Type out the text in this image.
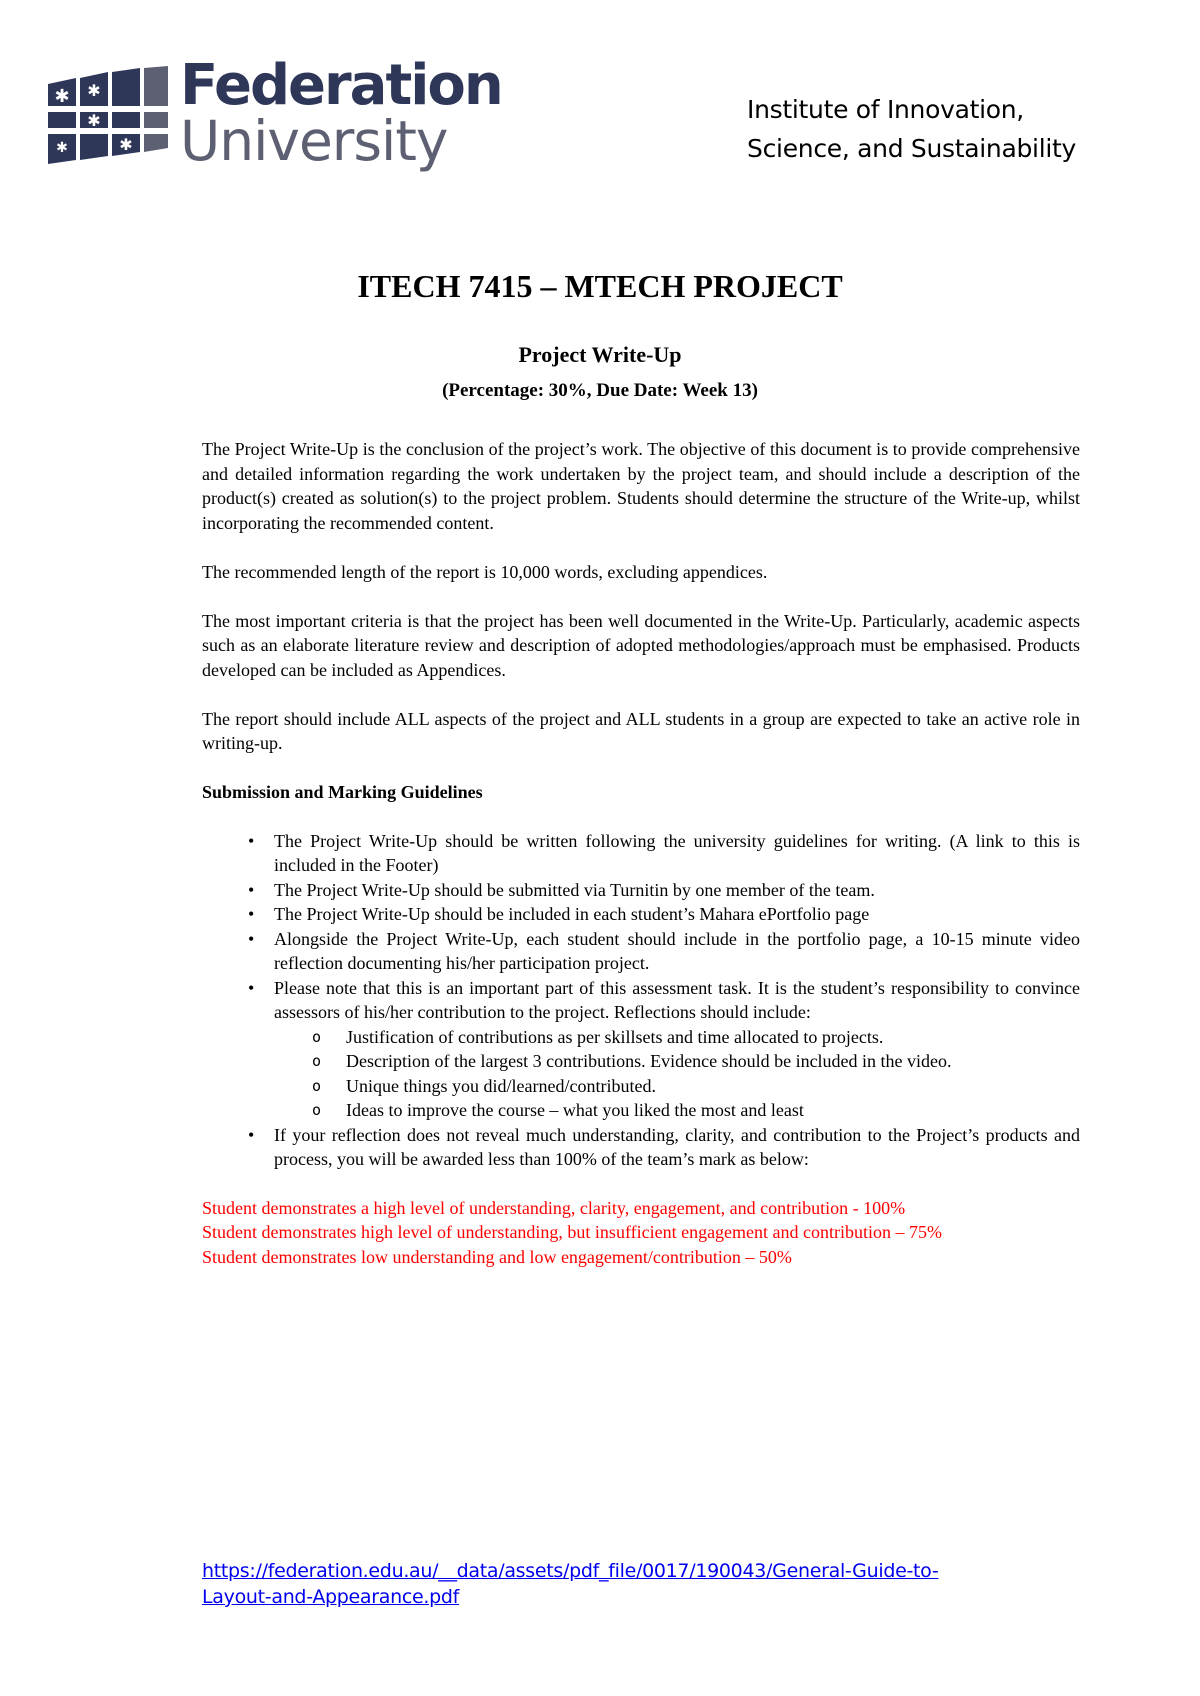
✱ ✱
✱
✱
✱
Federation
University	Institute of Innovation,
Science, and Sustainability
ITECH 7415 – MTECH PROJECT
Project Write-Up
(Percentage: 30%, Due Date: Week 13)

The Project Write-Up is the conclusion of the project’s work. The objective of this document is to provide comprehensive and detailed information regarding the work undertaken by the project team, and should include a description of the product(s) created as solution(s) to the project problem. Students should determine the structure of the Write-up, whilst incorporating the recommended content.

The recommended length of the report is 10,000 words, excluding appendices.

The most important criteria is that the project has been well documented in the Write-Up. Particularly, academic aspects such as an elaborate literature review and description of adopted methodologies/approach must be emphasised. Products developed can be included as Appendices.

The report should include ALL aspects of the project and ALL students in a group are expected to take an active role in writing-up.

Submission and Marking Guidelines
• The Project Write-Up should be written following the university guidelines for writing. (A link to this is included in the Footer)
• The Project Write-Up should be submitted via Turnitin by one member of the team.
• The Project Write-Up should be included in each student’s Mahara ePortfolio page
• Alongside the Project Write-Up, each student should include in the portfolio page, a 10-15 minute video reflection documenting his/her participation project.
• Please note that this is an important part of this assessment task. It is the student’s responsibility to convince assessors of his/her contribution to the project. Reflections should include:
o Justification of contributions as per skillsets and time allocated to projects.
o Description of the largest 3 contributions. Evidence should be included in the video.
o Unique things you did/learned/contributed.
o Ideas to improve the course – what you liked the most and least
• If your reflection does not reveal much understanding, clarity, and contribution to the Project’s products and process, you will be awarded less than 100% of the team’s mark as below:
Student demonstrates a high level of understanding, clarity, engagement, and contribution - 100%
Student demonstrates high level of understanding, but insufficient engagement and contribution – 75%
Student demonstrates low understanding and low engagement/contribution – 50%
https://federation.edu.au/__data/assets/pdf_file/0017/190043/General-Guide-to-
Layout-and-Appearance.pdf
